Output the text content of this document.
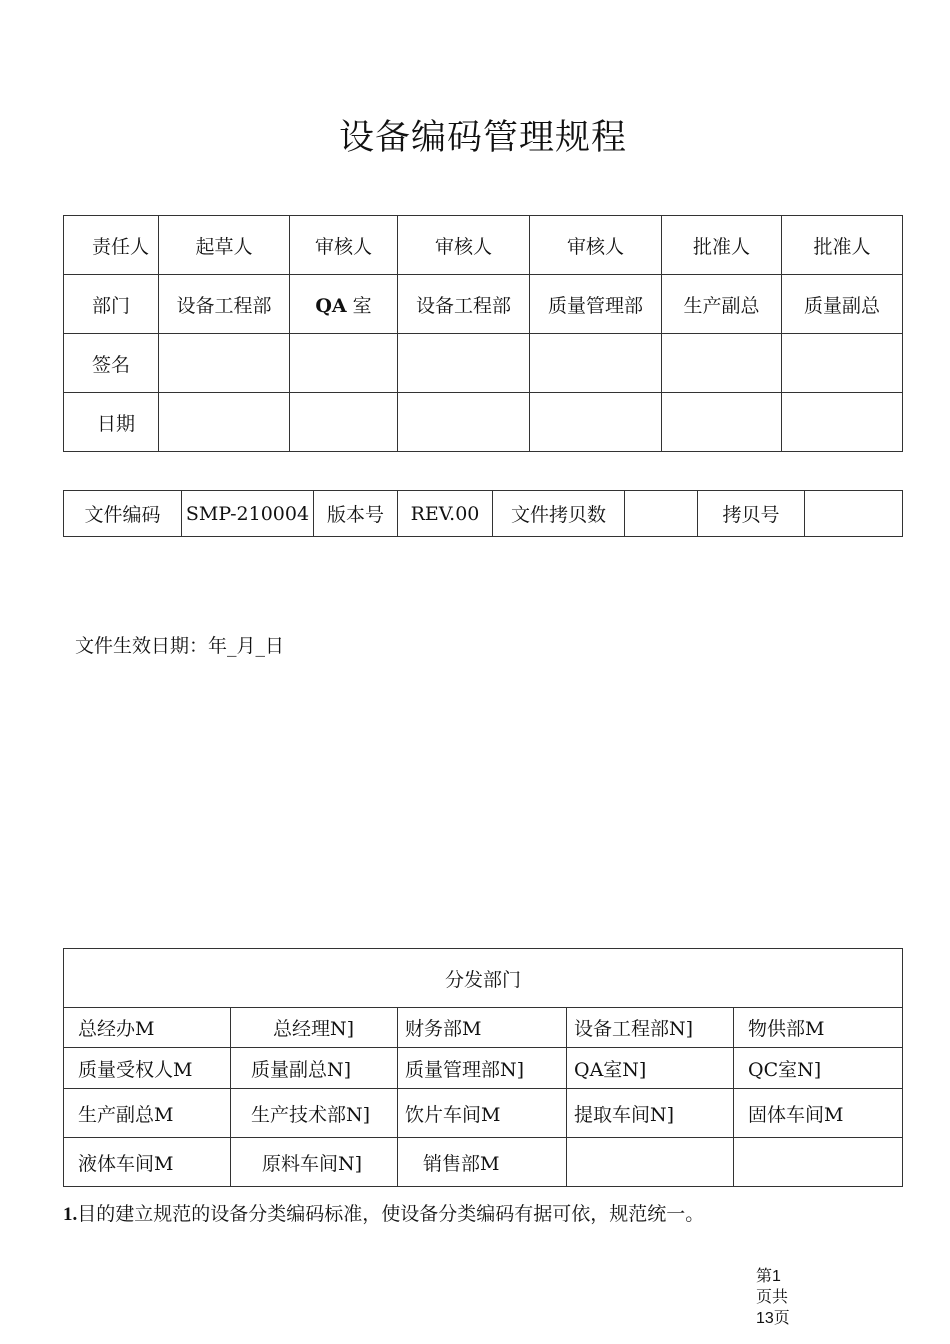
设备编码管理规程
责任人	起草人	审核人	审核人	审核人	批准人	批准人
部门	设备工程部	QA 室	设备工程部	质量管理部	生产副总	质量副总
签名						
日期						
文件编码	SMP-210004	版本号	REV.00	文件拷贝数		拷贝号	
文件生效日期：年_月_日
分发部门				
总经办M	总经理N]	财务部M	设备工程部N]	物供部M
质量受权人M	质量副总N]	质量管理部N]	QA室N]	QC室N]
生产副总M	生产技术部N]	饮片车间M	提取车间N]	固体车间M
液体车间M	原料车间N]	销售部M		
1.目的建立规范的设备分类编码标准，使设备分类编码有据可依，规范统一。
第1
页共
13页
